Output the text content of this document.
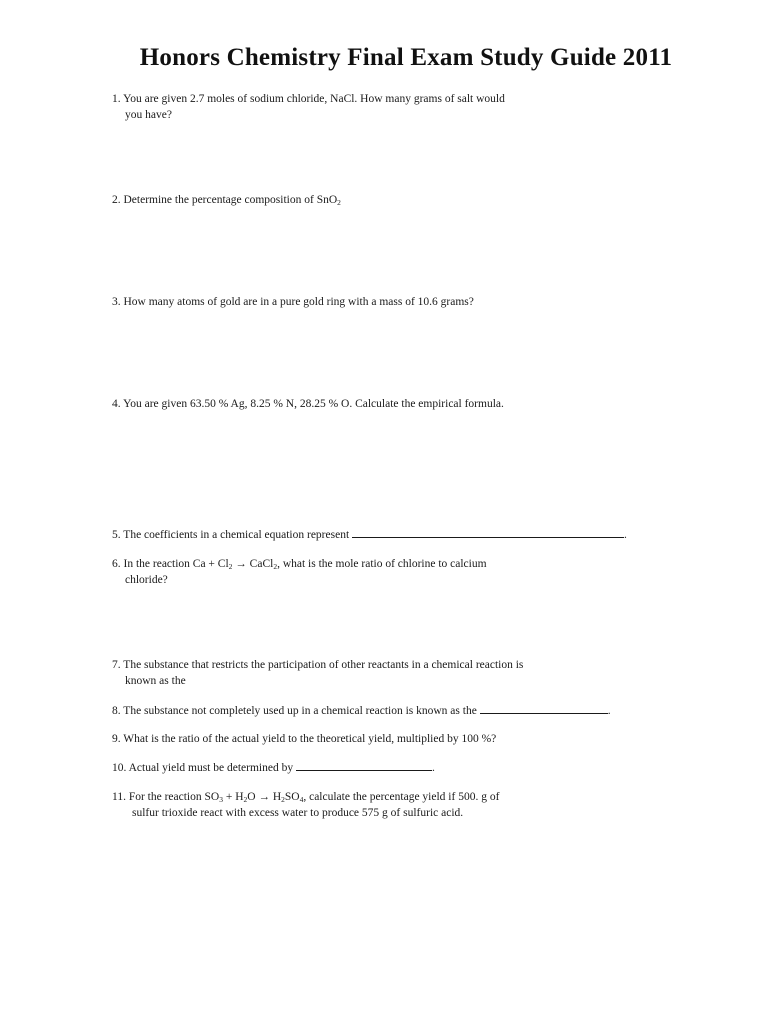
Honors Chemistry Final Exam Study Guide 2011
1. You are given 2.7 moles of sodium chloride, NaCl. How many grams of salt would
you have?
2. Determine the percentage composition of SnO$_2$
3. How many atoms of gold are in a pure gold ring with a mass of 10.6 grams?
4. You are given 63.50 % Ag, 8.25 % N, 28.25 % O. Calculate the empirical formula.
5. The coefficients in a chemical equation represent	.
6. In the reaction $Ca + Cl_2$ → CaCl$_2$, what is the mole ratio of chlorine to calcium
chloride?
7. The substance that restricts the participation of other reactants in a chemical reaction is
known as the
8. The substance not completely used up in a chemical reaction is known as the	.
9. What is the ratio of the actual yield to the theoretical yield, multiplied by 100 %?
10. Actual yield must be determined by	.
11. For the reaction $SO_3 + H_2O \to H_2SO_4$, calculate the percentage yield if 500. g of
sulfur trioxide react with excess water to produce 575 g of sulfuric acid.
